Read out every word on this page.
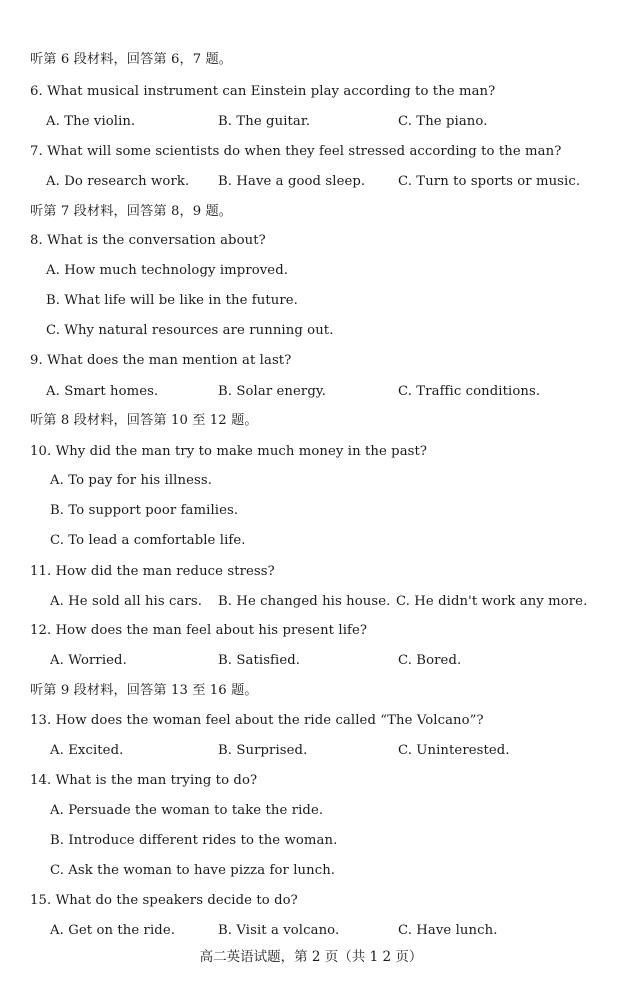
听第 6 段材料，回答第 6，7 题。
6. What musical instrument can Einstein play according to the man?
A. The violin.	B. The guitar.	C. The piano.
7. What will some scientists do when they feel stressed according to the man?
A. Do research work. B. Have a good sleep. C. Turn to sports or music.
听第 7 段材料，回答第 8，9 题。
8. What is the conversation about?
A. How much technology improved.
B. What life will be like in the future.
C. Why natural resources are running out.
9. What does the man mention at last?
A. Smart homes.	B. Solar energy.	C. Traffic conditions.
听第 8 段材料，回答第 10 至 12 题。
10. Why did the man try to make much money in the past?
A. To pay for his illness.
B. To support poor families.
C. To lead a comfortable life.
11. How did the man reduce stress?
A. He sold all his cars. B. He changed his house. C. He didn't work any more.
12. How does the man feel about his present life?
A. Worried.	B. Satisfied.	C. Bored.
听第 9 段材料，回答第 13 至 16 题。
13. How does the woman feel about the ride called “The Volcano”?
A. Excited.	B. Surprised.	C. Uninterested.
14. What is the man trying to do?
A. Persuade the woman to take the ride.
B. Introduce different rides to the woman.
C. Ask the woman to have pizza for lunch.
15. What do the speakers decide to do?
A. Get on the ride.	B. Visit a volcano.	C. Have lunch.
高二英语试题，第 2 页（共 1 2 页）
